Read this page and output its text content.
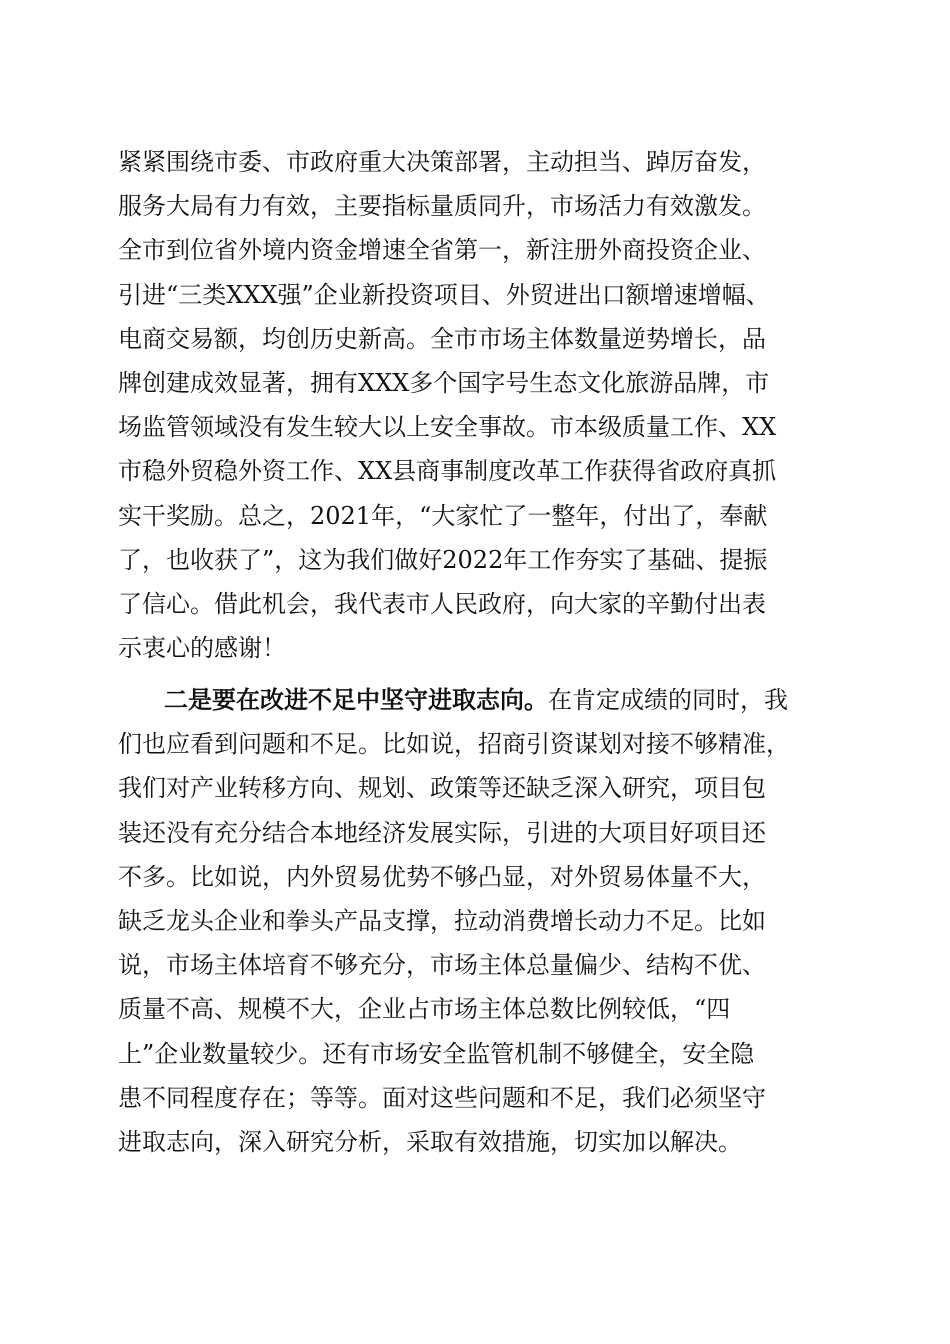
紧紧围绕市委、市政府重大决策部署，主动担当、踔厉奋发，
服务大局有力有效，主要指标量质同升，市场活力有效激发。
全市到位省外境内资金增速全省第一，新注册外商投资企业、
引进“三类XXX强”企业新投资项目、外贸进出口额增速增幅、
电商交易额，均创历史新高。全市市场主体数量逆势增长，品
牌创建成效显著，拥有XXX多个国字号生态文化旅游品牌，市
场监管领域没有发生较大以上安全事故。市本级质量工作、XX
市稳外贸稳外资工作、XX县商事制度改革工作获得省政府真抓
实干奖励。总之，2021年，“大家忙了一整年，付出了，奉献
了，也收获了”，这为我们做好2022年工作夯实了基础、提振
了信心。借此机会，我代表市人民政府，向大家的辛勤付出表
示衷心的感谢！
二是要在改进不足中坚守进取志向。在肯定成绩的同时，我
们也应看到问题和不足。比如说，招商引资谋划对接不够精准，
我们对产业转移方向、规划、政策等还缺乏深入研究，项目包
装还没有充分结合本地经济发展实际，引进的大项目好项目还
不多。比如说，内外贸易优势不够凸显，对外贸易体量不大，
缺乏龙头企业和拳头产品支撑，拉动消费增长动力不足。比如
说，市场主体培育不够充分，市场主体总量偏少、结构不优、
质量不高、规模不大，企业占市场主体总数比例较低，“四
上”企业数量较少。还有市场安全监管机制不够健全，安全隐
患不同程度存在；等等。面对这些问题和不足，我们必须坚守
进取志向，深入研究分析，采取有效措施，切实加以解决。
